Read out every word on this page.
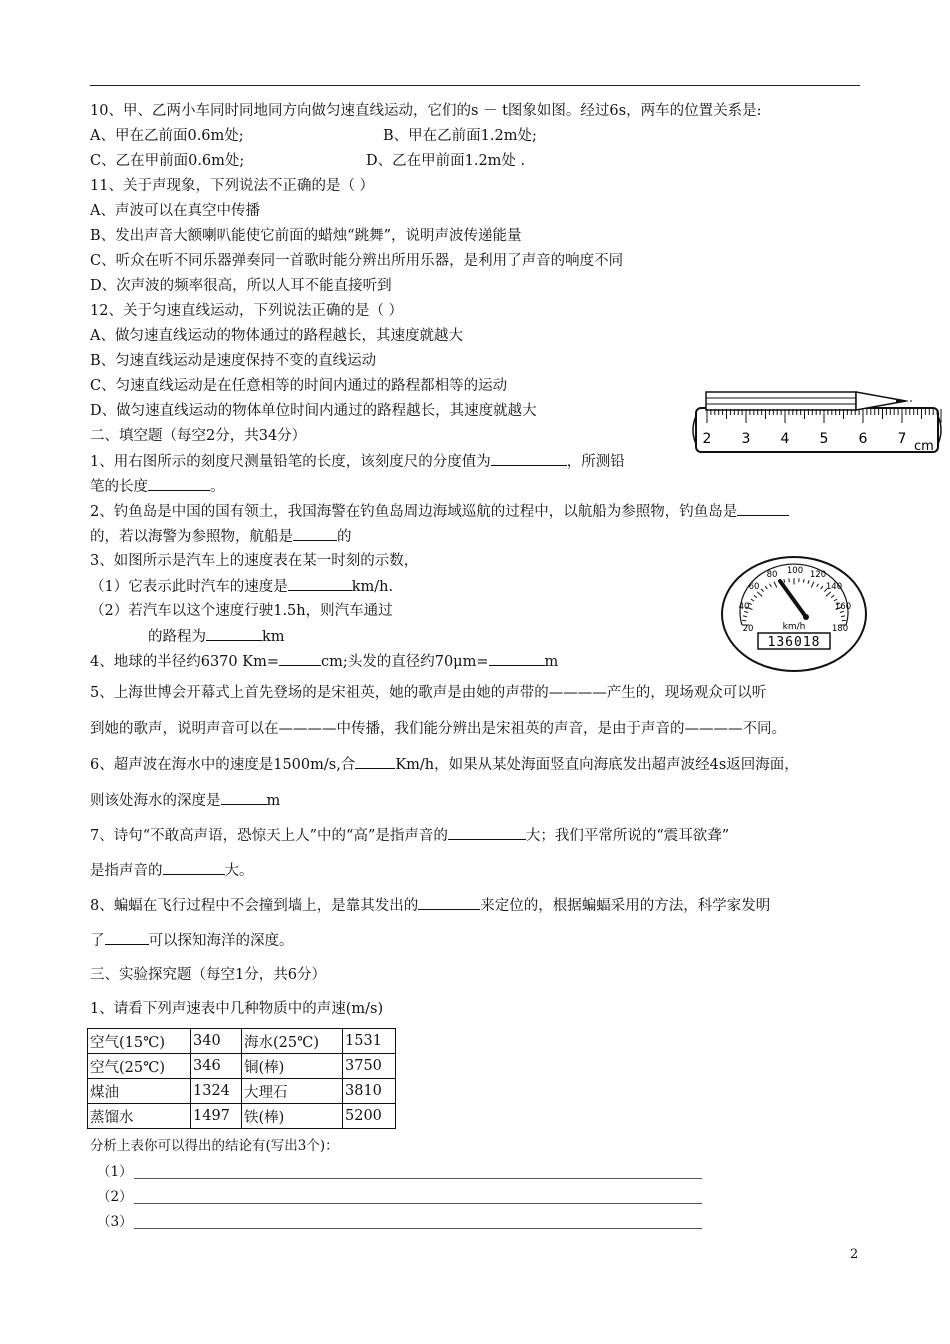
10、甲、乙两小车同时同地同方向做匀速直线运动，它们的s － t图象如图。经过6s，两车的位置关系是:
A、甲在乙前面0.6m处;	B、甲在乙前面1.2m处;
C、乙在甲前面0.6m处;	D、乙在甲前面1.2m处 .
11、关于声现象，下列说法不正确的是（ ）
A、声波可以在真空中传播
B、发出声音大额喇叭能使它前面的蜡烛“跳舞”，说明声波传递能量
C、听众在听不同乐器弹奏同一首歌时能分辨出所用乐器，是利用了声音的响度不同
D、次声波的频率很高，所以人耳不能直接听到
12、关于匀速直线运动，下列说法正确的是（ ）
A、做匀速直线运动的物体通过的路程越长，其速度就越大
B、匀速直线运动是速度保持不变的直线运动
C、匀速直线运动是在任意相等的时间内通过的路程都相等的运动
D、做匀速直线运动的物体单位时间内通过的路程越长，其速度就越大
2 3 4 5 6 7 cm
二、填空题（每空2分，共34分）
1、用右图所示的刻度尺测量铅笔的长度，该刻度尺的分度值为	，所测铅
笔的长度	。
2、钓鱼岛是中国的国有领土，我国海警在钓鱼岛周边海域巡航的过程中，以航船为参照物，钓鱼岛是
的，若以海警为参照物，航船是	的
3、如图所示是汽车上的速度表在某一时刻的示数，
（1）它表示此时汽车的速度是	km/h.
（2）若汽车以这个速度行驶1.5h，则汽车通过
的路程为	km	20
40
60
80 100 120
140
160
180
km/h
136018
4、地球的半径约6370 Km=	cm;头发的直径约70μm=	m
5、上海世博会开幕式上首先登场的是宋祖英，她的歌声是由她的声带的————产生的，现场观众可以听
到她的歌声，说明声音可以在————中传播，我们能分辨出是宋祖英的声音，是由于声音的————不同。
6、超声波在海水中的速度是1500m/s,合	Km/h，如果从某处海面竖直向海底发出超声波经4s返回海面，
则该处海水的深度是	m
7、诗句“不敢高声语，恐惊天上人”中的“高”是指声音的	大；我们平常所说的“震耳欲聋”
是指声音的	大。
8、蝙蝠在飞行过程中不会撞到墙上，是靠其发出的	来定位的，根据蝙蝠采用的方法，科学家发明
了	可以探知海洋的深度。
三、实验探究题（每空1分，共6分）
1、请看下列声速表中几种物质中的声速(m/s)
空气(15℃)	340	海水(25℃)	1531
空气(25℃)	346	铜(棒)	3750
煤油	1324	大理石	3810
蒸馏水	1497	铁(棒)	5200
分析上表你可以得出的结论有(写出3个)：
（1）
（2）
（3）
2
